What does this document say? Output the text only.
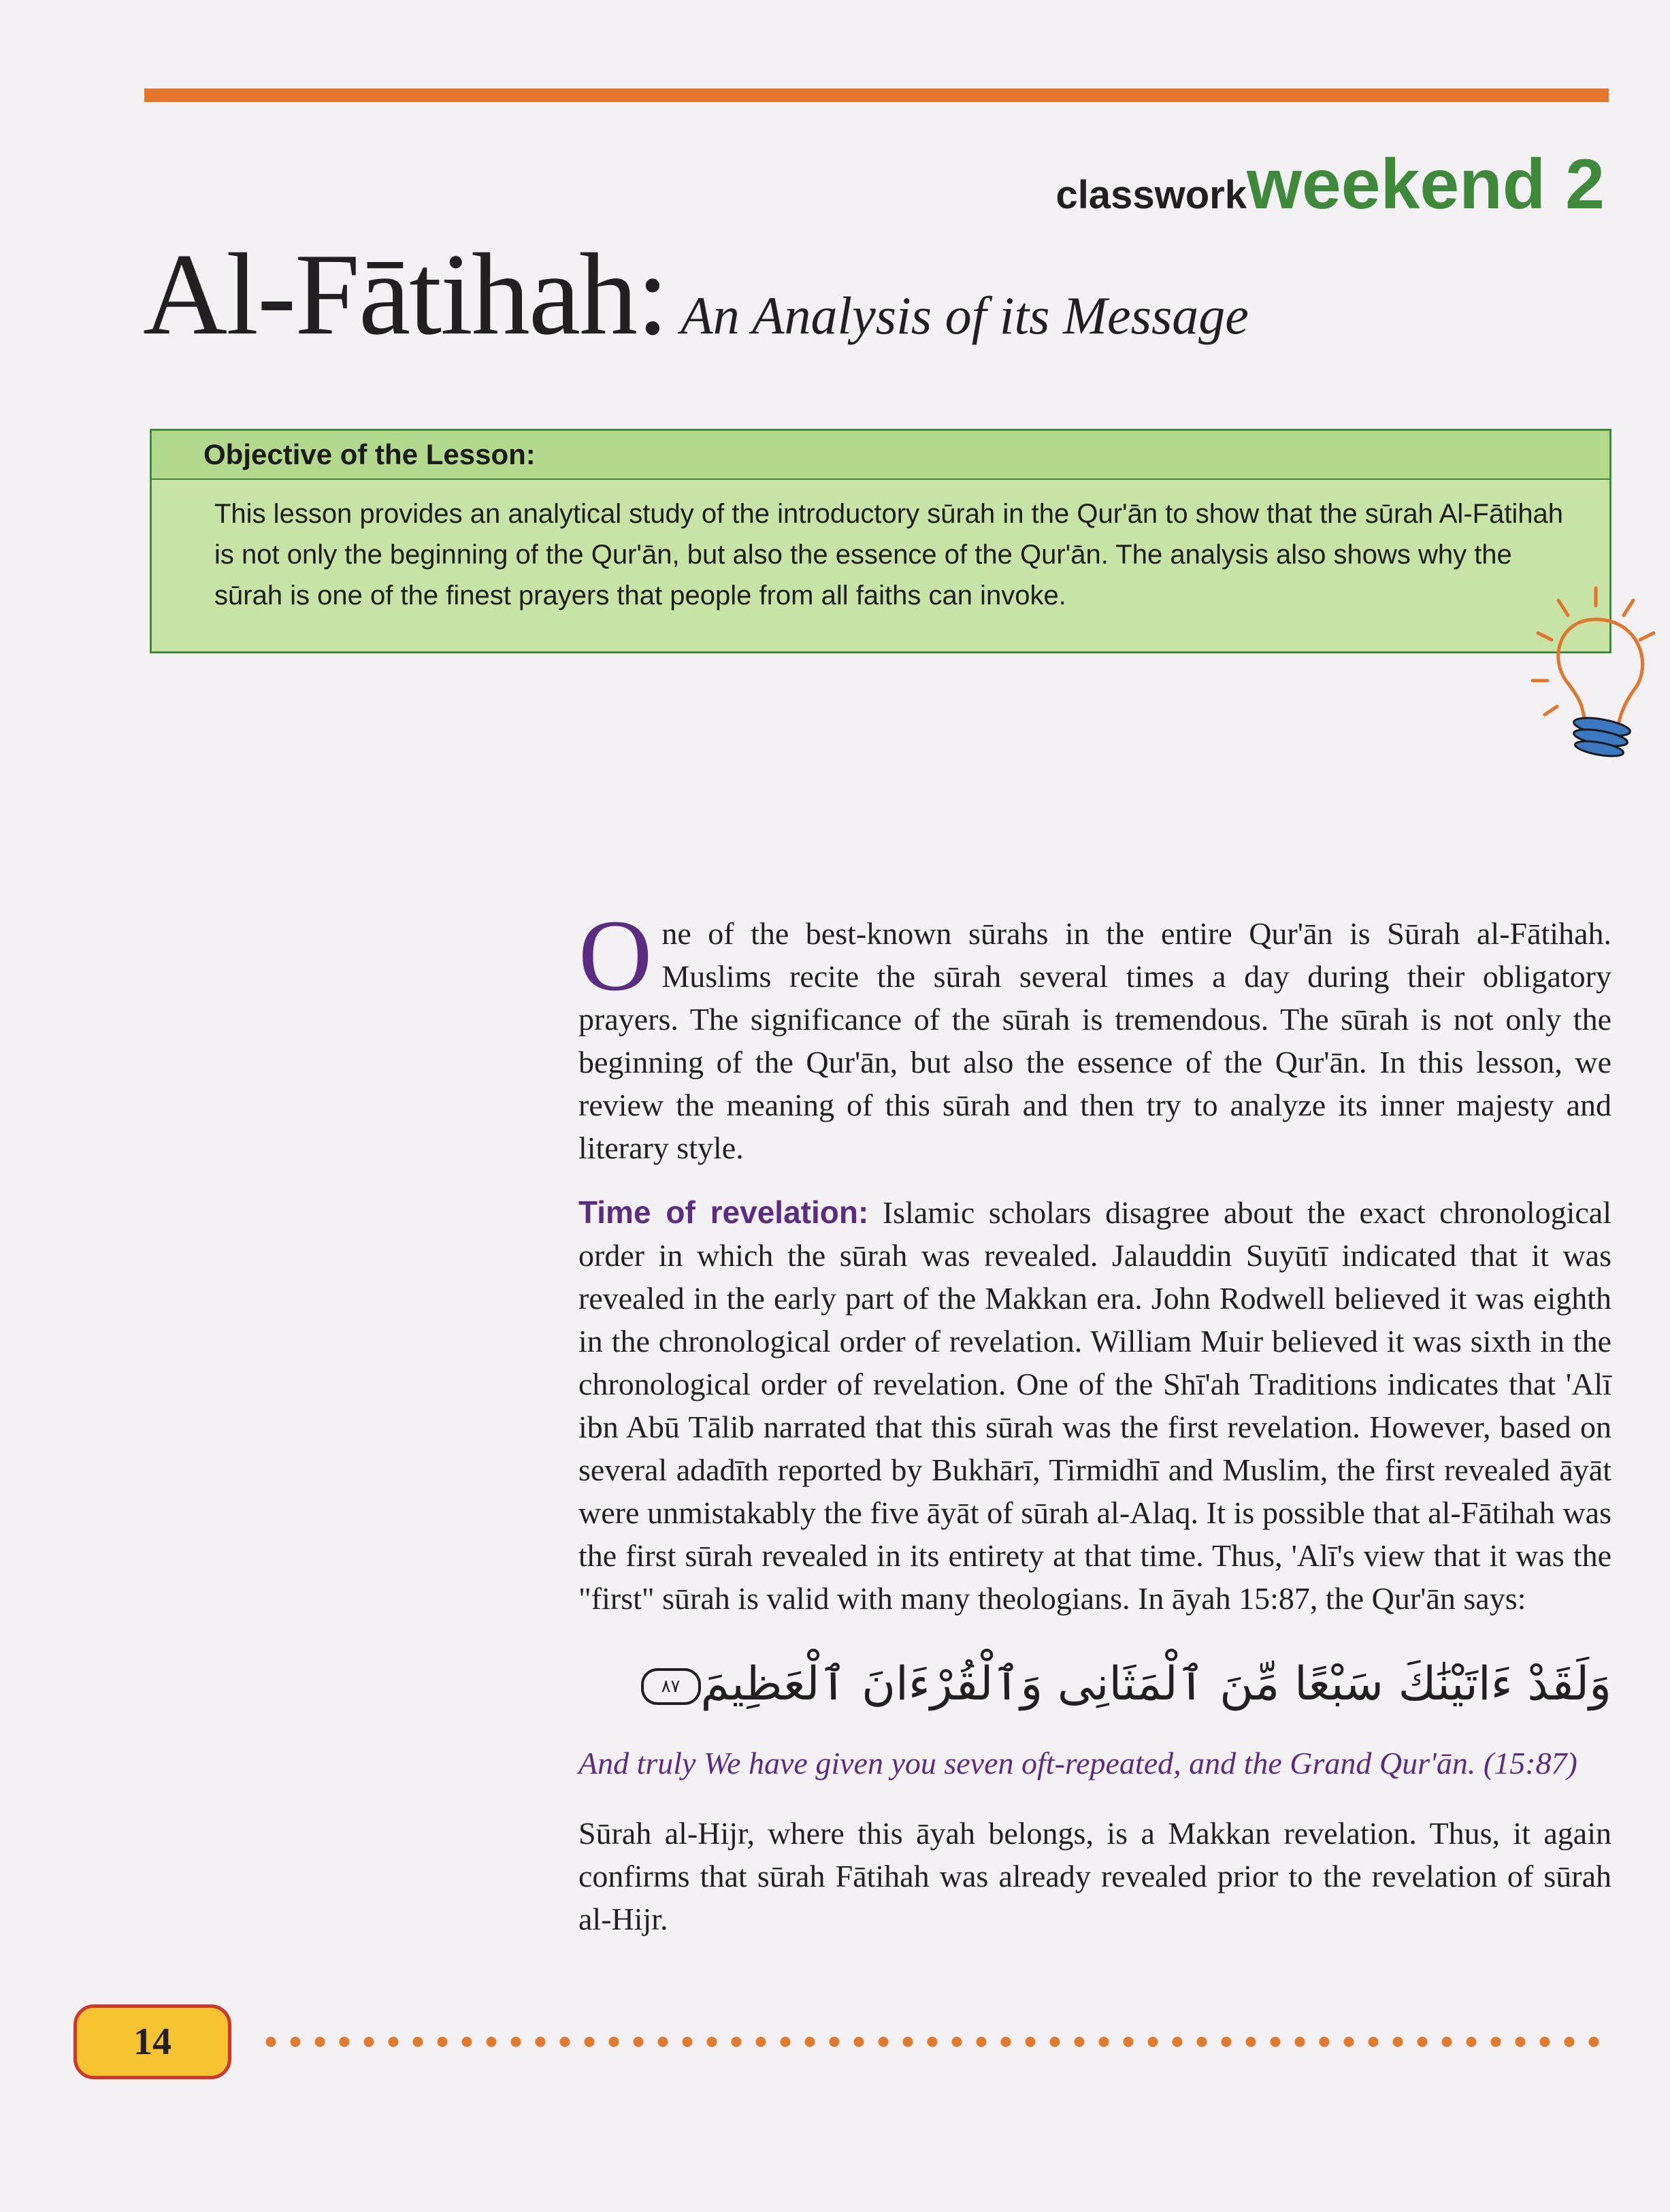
classworkweekend 2
Al-Fātihah: An Analysis of its Message
Objective of the Lesson:
This lesson provides an analytical study of the introductory sūrah in the Qur'ān to show that the sūrah Al-Fātihah is not only the beginning of the Qur'ān, but also the essence of the Qur'ān. The analysis also shows why the sūrah is one of the finest prayers that people from all faiths can invoke.

One of the best-known sūrahs in the entire Qur'ān is Sūrah al-Fātihah. Muslims recite the sūrah several times a day during their obligatory prayers. The significance of the sūrah is tremendous. The sūrah is not only the beginning of the Qur'ān, but also the essence of the Qur'ān. In this lesson, we review the meaning of this sūrah and then try to analyze its inner majesty and literary style.

Time of revelation: Islamic scholars disagree about the exact chronological order in which the sūrah was revealed. Jalauddin Suyūtī indicated that it was revealed in the early part of the Makkan era. John Rodwell believed it was eighth in the chronological order of revelation. William Muir believed it was sixth in the chronological order of revelation. One of the Shī'ah Traditions indicates that 'Alī ibn Abū Tālib narrated that this sūrah was the first revelation. However, based on several adadīth reported by Bukhārī, Tirmidhī and Muslim, the first revealed āyāt were unmistakably the five āyāt of sūrah al-Alaq. It is possible that al-Fātihah was the first sūrah revealed in its entirety at that time. Thus, 'Alī's view that it was the "first" sūrah is valid with many theologians. In āyah 15:87, the Qur'ān says:

وَلَقَدْ ءَاتَيْنَٰكَ سَبْعًا مِّنَ ٱلْمَثَانِى وَٱلْقُرْءَانَ ٱلْعَظِيمَ٨٧

And truly We have given you seven oft-repeated, and the Grand Qur'ān. (15:87)

Sūrah al-Hijr, where this āyah belongs, is a Makkan revelation. Thus, it again confirms that sūrah Fātihah was already revealed prior to the revelation of sūrah al-Hijr.

14
